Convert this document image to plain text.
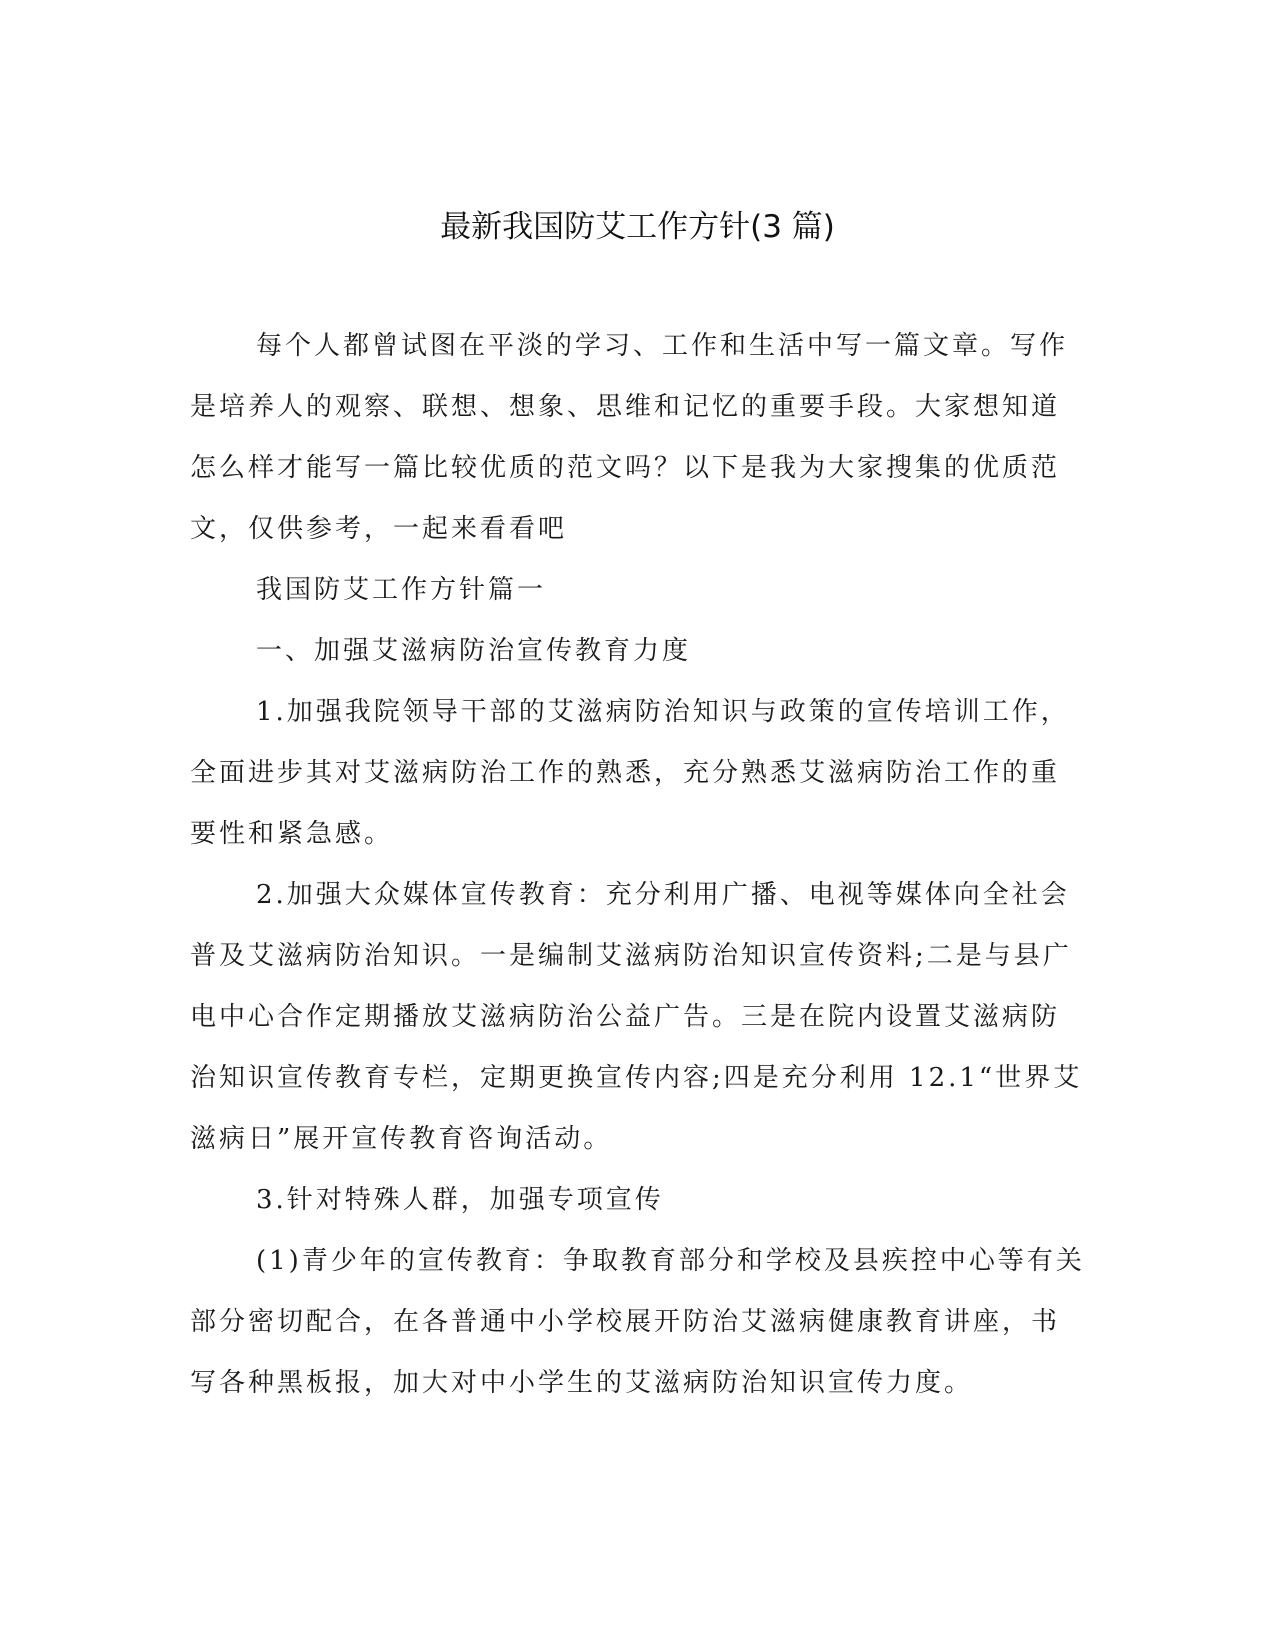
最新我国防艾工作方针(3 篇)

每个人都曾试图在平淡的学习、工作和生活中写一篇文章。写作是培养人的观察、联想、想象、思维和记忆的重要手段。大家想知道怎么样才能写一篇比较优质的范文吗？以下是我为大家搜集的优质范文，仅供参考，一起来看看吧

我国防艾工作方针篇一

一、加强艾滋病防治宣传教育力度

1.加强我院领导干部的艾滋病防治知识与政策的宣传培训工作，全面进步其对艾滋病防治工作的熟悉，充分熟悉艾滋病防治工作的重要性和紧急感。

2.加强大众媒体宣传教育：充分利用广播、电视等媒体向全社会普及艾滋病防治知识。一是编制艾滋病防治知识宣传资料;二是与县广电中心合作定期播放艾滋病防治公益广告。三是在院内设置艾滋病防治知识宣传教育专栏，定期更换宣传内容;四是充分利用 12.1“世界艾滋病日”展开宣传教育咨询活动。

3.针对特殊人群，加强专项宣传

(1)青少年的宣传教育：争取教育部分和学校及县疾控中心等有关部分密切配合，在各普通中小学校展开防治艾滋病健康教育讲座，书写各种黑板报，加大对中小学生的艾滋病防治知识宣传力度。
